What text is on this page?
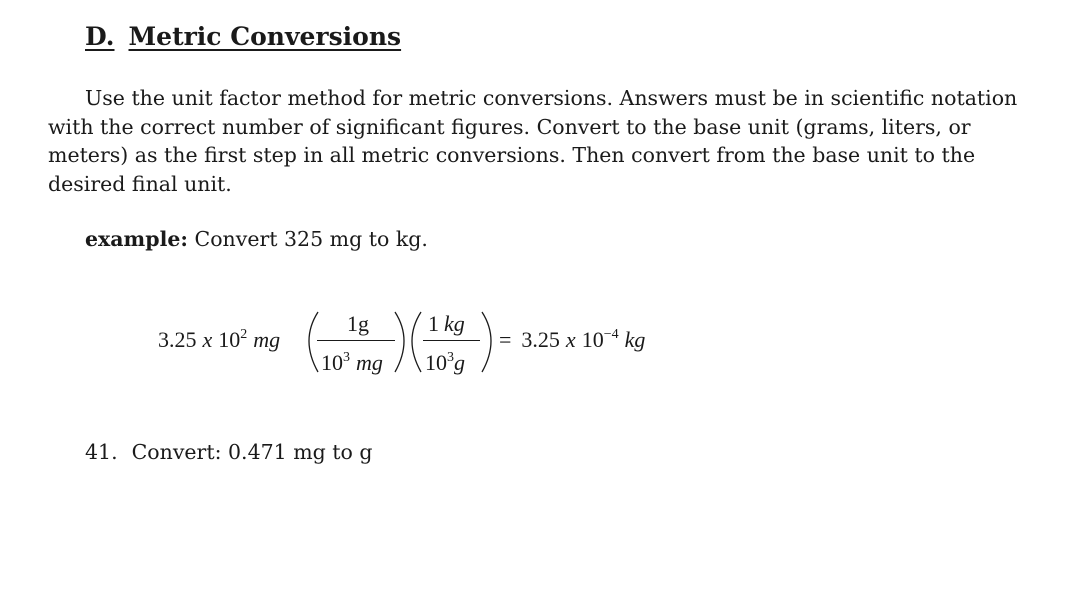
D. Metric Conversions

Use the unit factor method for metric conversions. Answers must be in scientific notation with the correct number of significant figures. Convert to the base unit (grams, liters, or meters) as the first step in all metric conversions. Then convert from the base unit to the desired final unit.

example: Convert 325 mg to kg.
3.25 x $10^2$ mg
1g
$10^3$ mg
1 kg
$10^3g$
= 3.25 x $10^{-4}$ kg
41. Convert: 0.471 mg to g
